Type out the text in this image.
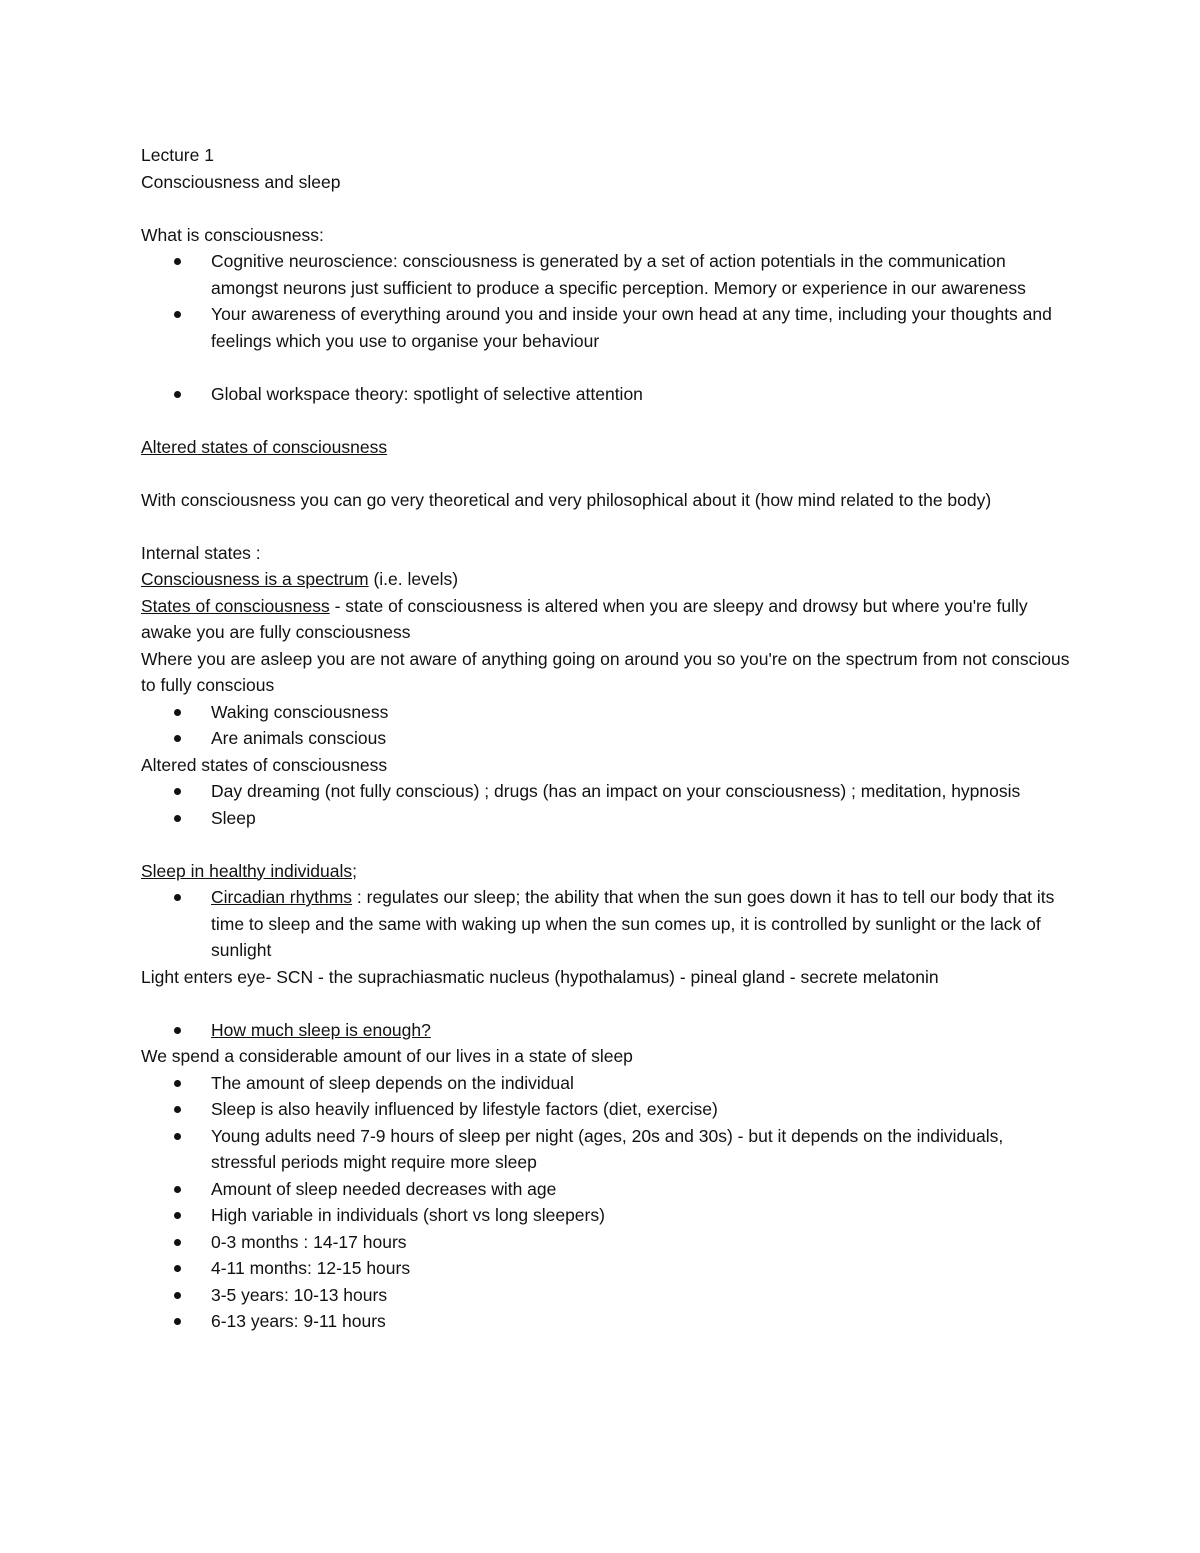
Lecture 1

Consciousness and sleep

What is consciousness:

Cognitive neuroscience: consciousness is generated by a set of action potentials in the communication amongst neurons just sufficient to produce a specific perception. Memory or experience in our awareness
Your awareness of everything around you and inside your own head at any time, including your thoughts and feelings which you use to organise your behaviour
Global workspace theory: spotlight of selective attention

Altered states of consciousness

With consciousness you can go very theoretical and very philosophical about it (how mind related to the body)

Internal states :

Consciousness is a spectrum (i.e. levels)

States of consciousness - state of consciousness is altered when you are sleepy and drowsy but where you're fully awake you are fully consciousness

Where you are asleep you are not aware of anything going on around you so you're on the spectrum from not conscious to fully conscious

Waking consciousness
Are animals conscious

Altered states of consciousness

Day dreaming (not fully conscious) ; drugs (has an impact on your consciousness) ; meditation, hypnosis
Sleep

Sleep in healthy individuals;

Circadian rhythms : regulates our sleep; the ability that when the sun goes down it has to tell our body that its time to sleep and the same with waking up when the sun comes up, it is controlled by sunlight or the lack of sunlight

Light enters eye- SCN - the suprachiasmatic nucleus (hypothalamus) - pineal gland - secrete melatonin

How much sleep is enough?

We spend a considerable amount of our lives in a state of sleep

The amount of sleep depends on the individual
Sleep is also heavily influenced by lifestyle factors (diet, exercise)
Young adults need 7-9 hours of sleep per night (ages, 20s and 30s) - but it depends on the individuals, stressful periods might require more sleep
Amount of sleep needed decreases with age
High variable in individuals (short vs long sleepers)
0-3 months : 14-17 hours
4-11 months: 12-15 hours
3-5 years: 10-13 hours
6-13 years: 9-11 hours
